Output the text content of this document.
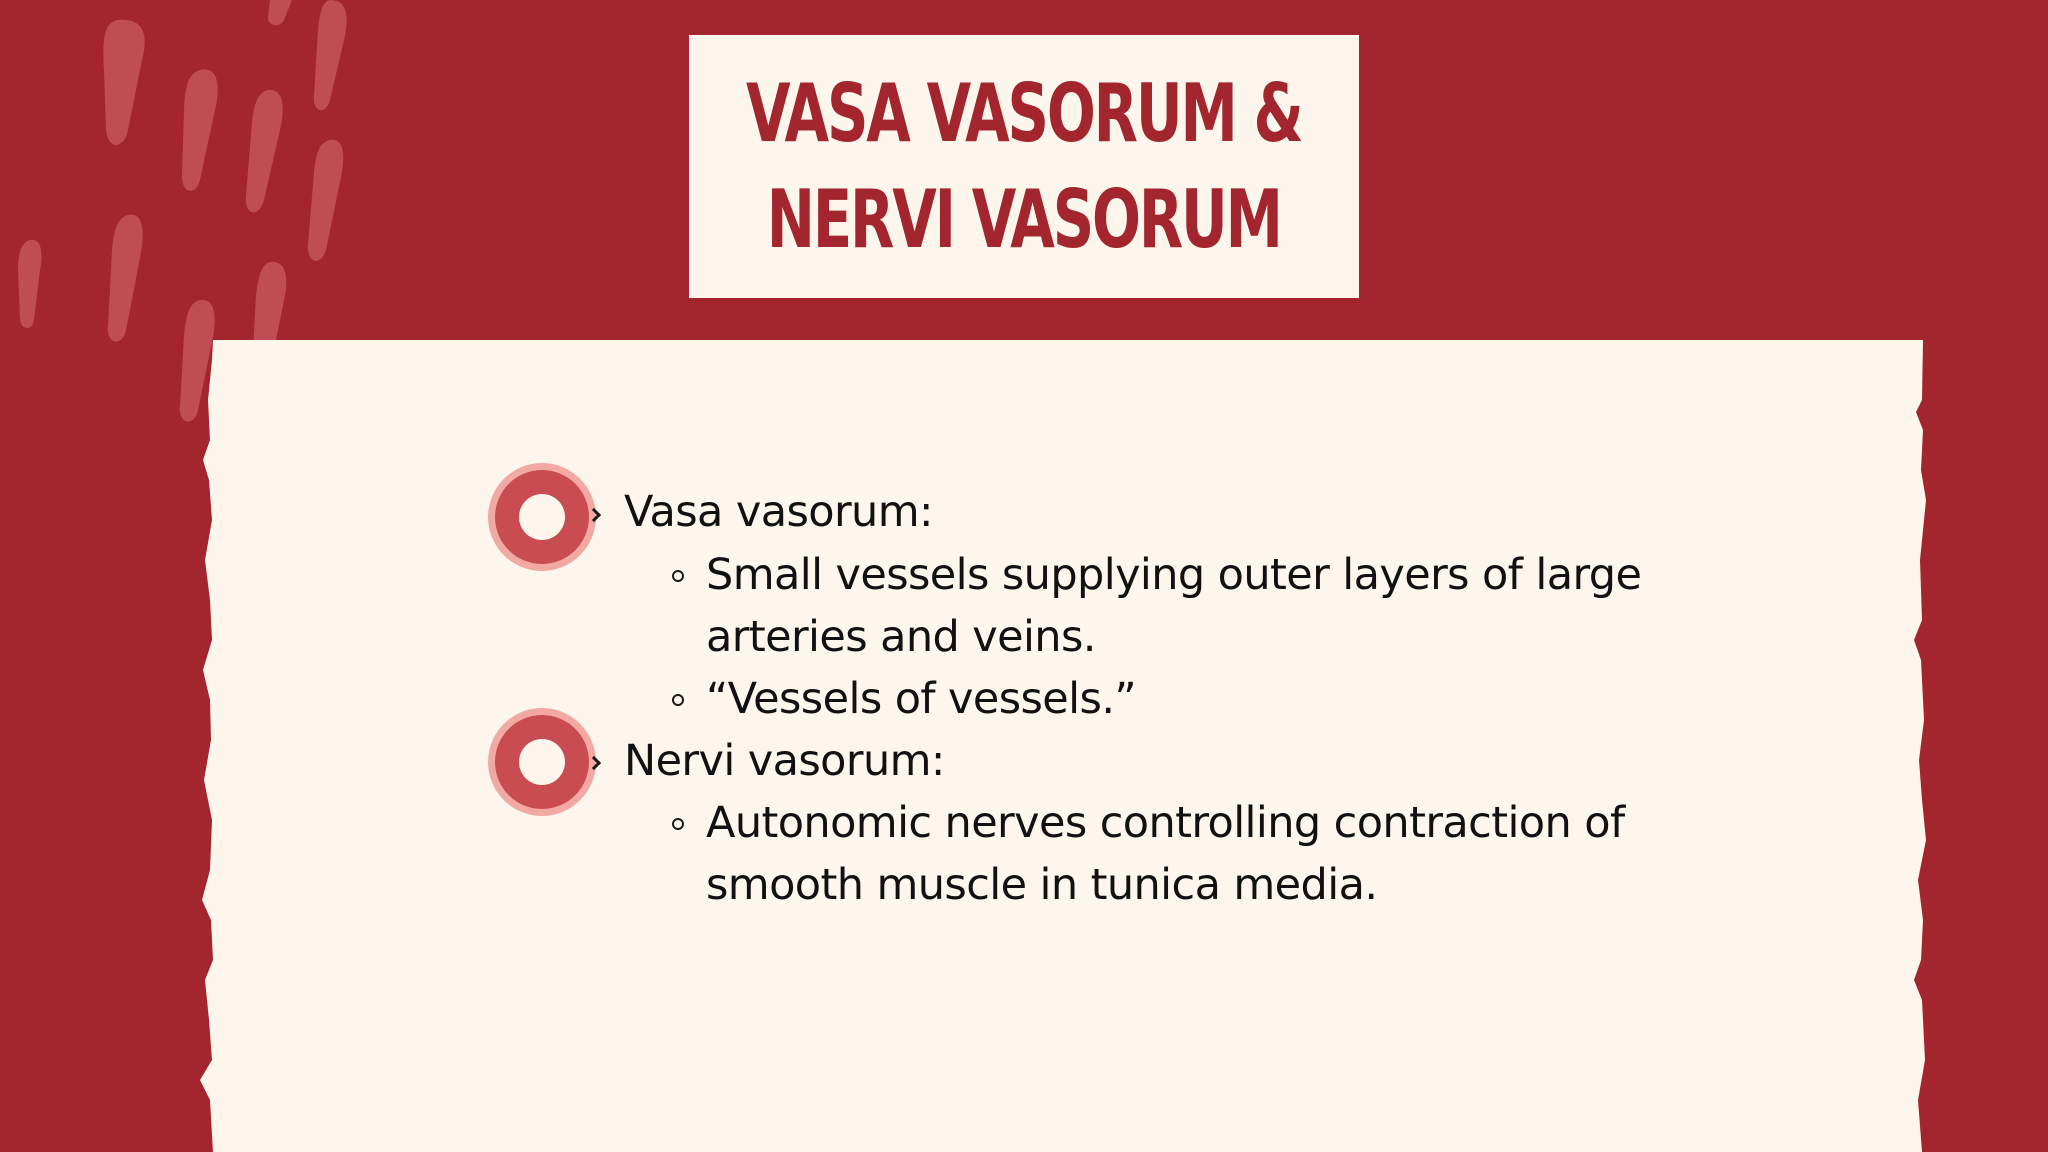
VASA VASORUM &
NERVI VASORUM
Vasa vasorum:
Small vessels supplying outer layers of large
arteries and veins.
“Vessels of vessels.”
Nervi vasorum:
Autonomic nerves controlling contraction of
smooth muscle in tunica media.
